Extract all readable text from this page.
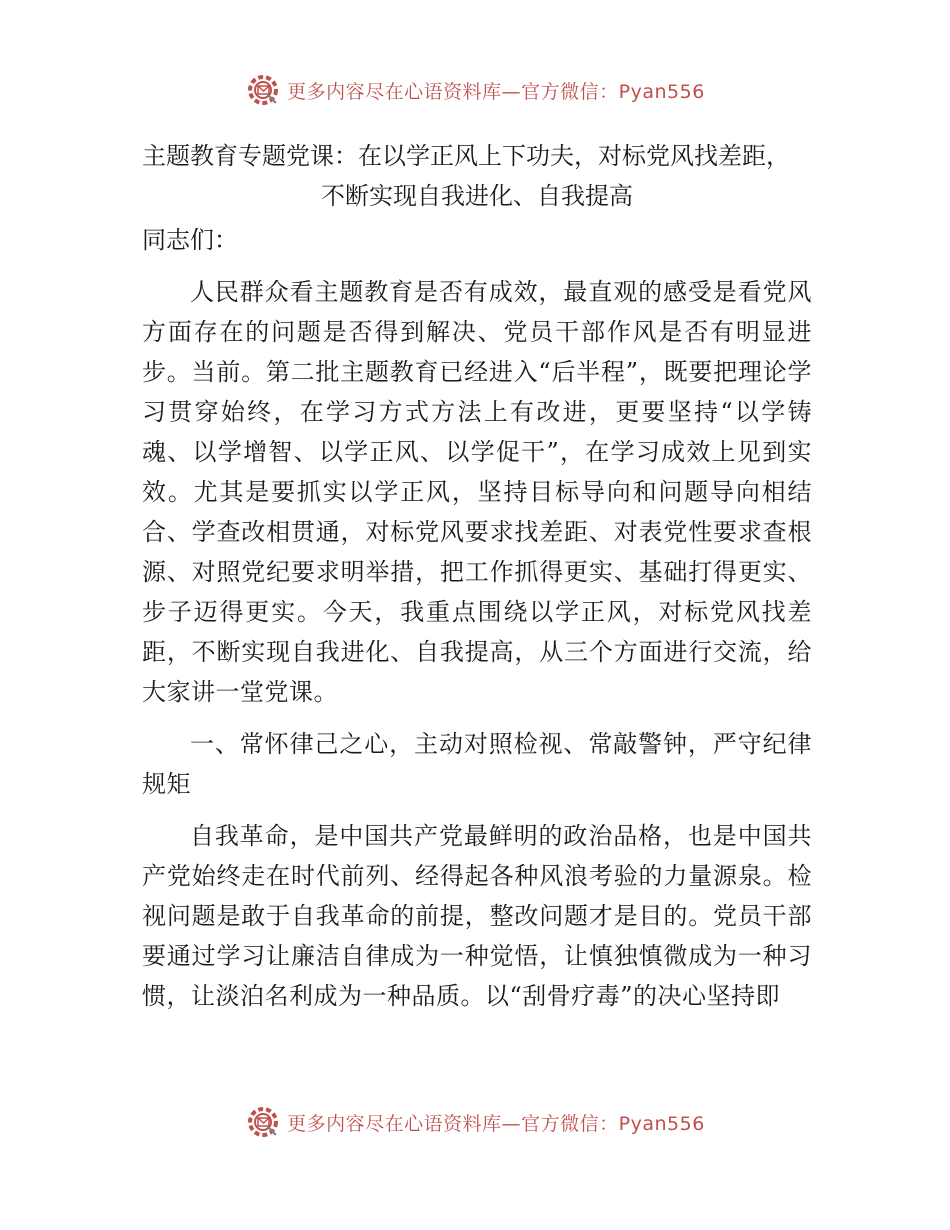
更多内容尽在心语资料库—官方微信：Pyan556
主题教育专题党课：在以学正风上下功夫，对标党风找差距，
不断实现自我进化、自我提高

同志们：

人民群众看主题教育是否有成效，最直观的感受是看党风方面存在的问题是否得到解决、党员干部作风是否有明显进步。当前。第二批主题教育已经进入“后半程”，既要把理论学习贯穿始终，在学习方式方法上有改进，更要坚持“以学铸魂、以学增智、以学正风、以学促干”，在学习成效上见到实效。尤其是要抓实以学正风，坚持目标导向和问题导向相结合、学查改相贯通，对标党风要求找差距、对表党性要求查根源、对照党纪要求明举措，把工作抓得更实、基础打得更实、步子迈得更实。今天，我重点围绕以学正风，对标党风找差距，不断实现自我进化、自我提高，从三个方面进行交流，给大家讲一堂党课。

一、常怀律己之心，主动对照检视、常敲警钟，严守纪律规矩

自我革命，是中国共产党最鲜明的政治品格，也是中国共产党始终走在时代前列、经得起各种风浪考验的力量源泉。检视问题是敢于自我革命的前提，整改问题才是目的。党员干部要通过学习让廉洁自律成为一种觉悟，让慎独慎微成为一种习惯，让淡泊名利成为一种品质。以“刮骨疗毒”的决心坚持即

更多内容尽在心语资料库—官方微信：Pyan556
